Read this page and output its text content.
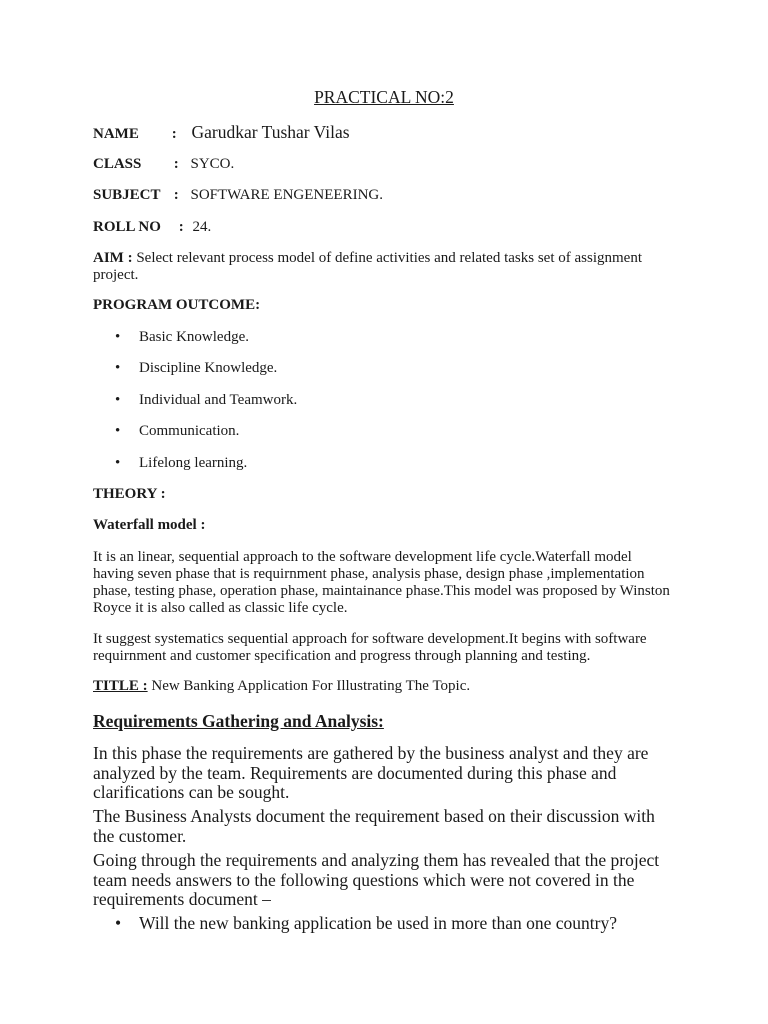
PRACTICAL NO:2
NAME : Garudkar Tushar Vilas
CLASS : SYCO.
SUBJECT : SOFTWARE ENGENEERING.
ROLL NO : 24.
AIM : Select relevant process model of define activities and related tasks set of assignment project.
PROGRAM OUTCOME:
• Basic Knowledge.
• Discipline Knowledge.
• Individual and Teamwork.
• Communication.
• Lifelong learning.
THEORY :
Waterfall model :
It is an linear, sequential approach to the software development life cycle.Waterfall model having seven phase that is requirnment phase, analysis phase, design phase ,implementation phase, testing phase, operation phase, maintainance phase.This model was proposed by Winston Royce it is also called as classic life cycle.
It suggest systematics sequential approach for software development.It begins with software requirnment and customer specification and progress through planning and testing.
TITLE : New Banking Application For Illustrating The Topic.
Requirements Gathering and Analysis:
In this phase the requirements are gathered by the business analyst and they are analyzed by the team. Requirements are documented during this phase and clarifications can be sought.
The Business Analysts document the requirement based on their discussion with the customer.
Going through the requirements and analyzing them has revealed that the project team needs answers to the following questions which were not covered in the requirements document –
• Will the new banking application be used in more than one country?
